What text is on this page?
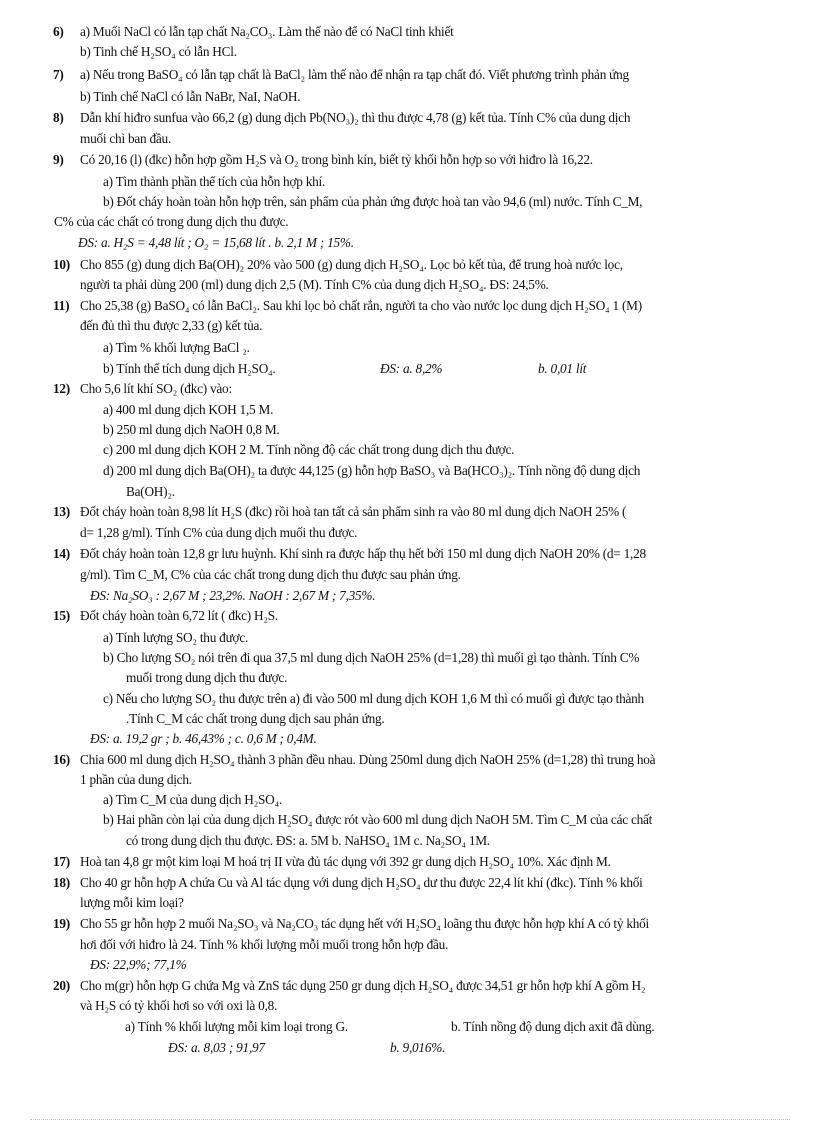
6) a) Muối NaCl có lẫn tạp chất Na₂CO₃. Làm thế nào để có NaCl tinh khiết
b) Tinh chế H₂SO₄ có lẫn HCl.
7) a) Nếu trong BaSO₄ có lẫn tạp chất là BaCl₂ làm thế nào để nhận ra tạp chất đó. Viết phương trình phản ứng
b) Tinh chế NaCl có lẫn NaBr, NaI, NaOH.
8) Dẫn khí hiđro sunfua vào 66,2 (g) dung dịch Pb(NO₃)₂ thì thu được 4,78 (g) kết tủa. Tính C% của dung dịch
muối chì ban đầu.
9) Có 20,16 (l) (đkc) hỗn hợp gồm H₂S và O₂ trong bình kín, biết tỷ khối hỗn hợp so với hiđro là 16,22.
a) Tìm thành phần thể tích của hỗn hợp khí.
b) Đốt cháy hoàn toàn hỗn hợp trên, sản phẩm của phản ứng được hoà tan vào 94,6 (ml) nước. Tính C_M,
C% của các chất có trong dung dịch thu được.
ĐS: a. H₂S = 4,48 lít ; O₂ = 15,68 lít . b. 2,1 M ; 15%.
10) Cho 855 (g) dung dịch Ba(OH)₂ 20% vào 500 (g) dung dịch H₂SO₄. Lọc bỏ kết tủa, để trung hoà nước lọc,
người ta phải dùng 200 (ml) dung dịch 2,5 (M). Tính C% của dung dịch H₂SO₄. ĐS: 24,5%.
11) Cho 25,38 (g) BaSO₄ có lẫn BaCl₂. Sau khi lọc bỏ chất rắn, người ta cho vào nước lọc dung dịch H₂SO₄ 1 (M)
đến đủ thì thu được 2,33 (g) kết tủa.
a) Tìm % khối lượng BaCl ₂.
b) Tính thể tích dung dịch H₂SO₄.	ĐS: a. 8,2%	b. 0,01 lít
12) Cho 5,6 lít khí SO₂ (đkc) vào:
a) 400 ml dung dịch KOH 1,5 M.
b) 250 ml dung dịch NaOH 0,8 M.
c) 200 ml dung dịch KOH 2 M. Tính nồng độ các chất trong dung dịch thu được.
d) 200 ml dung dịch Ba(OH)₂ ta được 44,125 (g) hỗn hợp BaSO₃ và Ba(HCO₃)₂. Tính nồng độ dung dịch
Ba(OH)₂.
13) Đốt cháy hoàn toàn 8,98 lít H₂S (đkc) rồi hoà tan tất cả sản phẩm sinh ra vào 80 ml dung dịch NaOH 25% (
d= 1,28 g/ml). Tính C% của dung dịch muối thu được.
14) Đốt cháy hoàn toàn 12,8 gr lưu huỳnh. Khí sinh ra được hấp thụ hết bởi 150 ml dung dịch NaOH 20% (d= 1,28
g/ml). Tìm C_M, C% của các chất trong dung dịch thu được sau phản ứng.
ĐS: Na₂SO₃ : 2,67 M ; 23,2%. NaOH : 2,67 M ; 7,35%.
15) Đốt cháy hoàn toàn 6,72 lít ( đkc) H₂S.
a) Tính lượng SO₂ thu được.
b) Cho lượng SO₂ nói trên đi qua 37,5 ml dung dịch NaOH 25% (d=1,28) thì muối gì tạo thành. Tính C%
muối trong dung dịch thu được.
c) Nếu cho lượng SO₂ thu được trên a) đi vào 500 ml dung dịch KOH 1,6 M thì có muối gì được tạo thành
.Tính C_M các chất trong dung dịch sau phản ứng.
ĐS: a. 19,2 gr ; b. 46,43% ; c. 0,6 M ; 0,4M.
16) Chia 600 ml dung dịch H₂SO₄ thành 3 phần đều nhau. Dùng 250ml dung dịch NaOH 25% (d=1,28) thì trung hoà
1 phần của dung dịch.
a) Tìm C_M của dung dịch H₂SO₄.
b) Hai phần còn lại của dung dịch H₂SO₄ được rót vào 600 ml dung dịch NaOH 5M. Tìm C_M của các chất
có trong dung dịch thu được. ĐS: a. 5M b. NaHSO₄ 1M c. Na₂SO₄ 1M.
17) Hoà tan 4,8 gr một kim loại M hoá trị II vừa đủ tác dụng với 392 gr dung dịch H₂SO₄ 10%. Xác định M.
18) Cho 40 gr hỗn hợp A chứa Cu và Al tác dụng với dung dịch H₂SO₄ dư thu được 22,4 lít khí (đkc). Tính % khối
lượng mỗi kim loại?
19) Cho 55 gr hỗn hợp 2 muối Na₂SO₃ và Na₂CO₃ tác dụng hết với H₂SO₄ loãng thu được hỗn hợp khí A có tỷ khối
hơi đối với hiđro là 24. Tính % khối lượng mỗi muối trong hỗn hợp đầu.
ĐS: 22,9%; 77,1%
20) Cho m(gr) hỗn hợp G chứa Mg và ZnS tác dụng 250 gr dung dịch H₂SO₄ được 34,51 gr hỗn hợp khí A gồm H₂
và H₂S có tỷ khối hơi so với oxi là 0,8.
a) Tính % khối lượng mỗi kim loại trong G.	b. Tính nồng độ dung dịch axit đã dùng.
ĐS: a. 8,03 ; 91,97	b. 9,016%.
